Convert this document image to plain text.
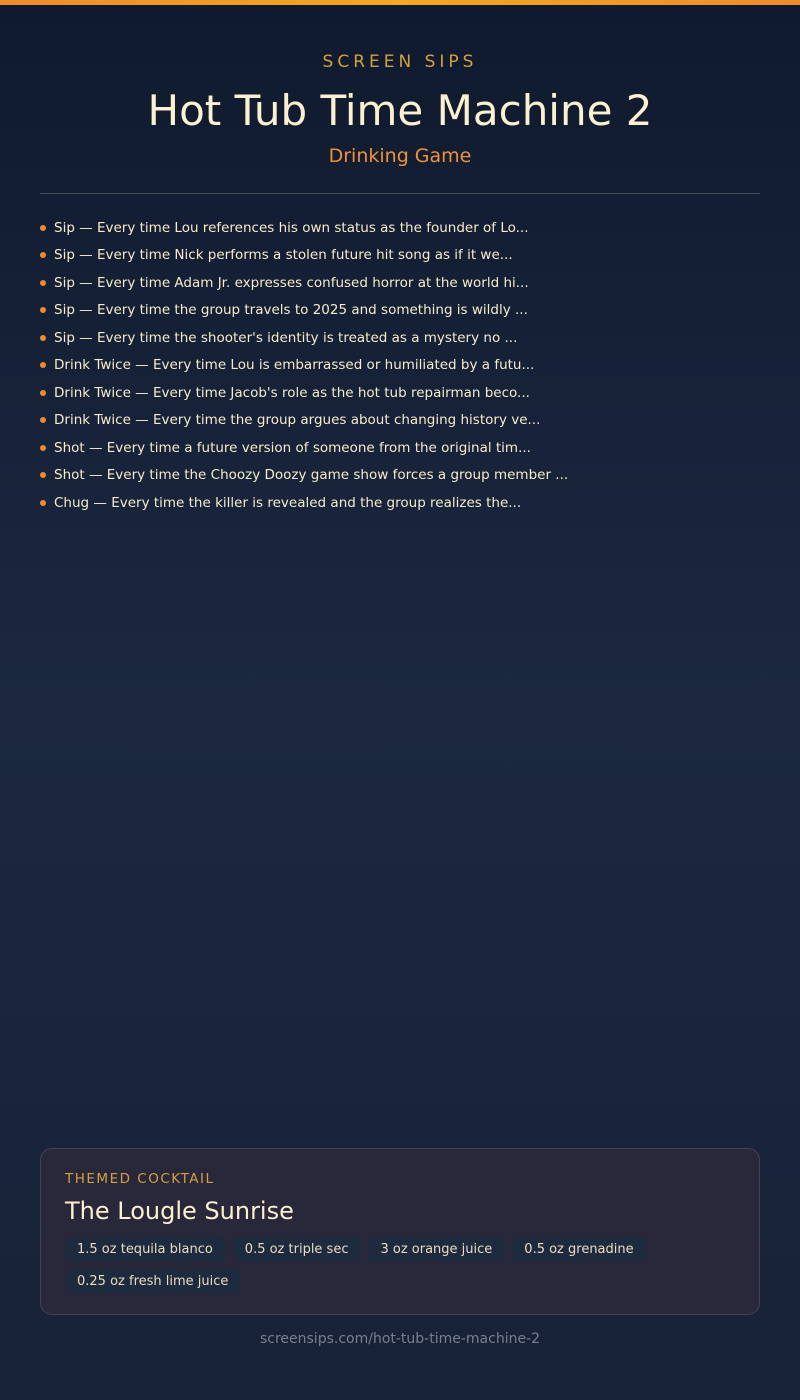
SCREEN SIPS
Hot Tub Time Machine 2
Drinking Game
Sip — Every time Lou references his own status as the founder of Lo...
Sip — Every time Nick performs a stolen future hit song as if it we...
Sip — Every time Adam Jr. expresses confused horror at the world hi...
Sip — Every time the group travels to 2025 and something is wildly ...
Sip — Every time the shooter's identity is treated as a mystery no ...
Drink Twice — Every time Lou is embarrassed or humiliated by a futu...
Drink Twice — Every time Jacob's role as the hot tub repairman beco...
Drink Twice — Every time the group argues about changing history ve...
Shot — Every time a future version of someone from the original tim...
Shot — Every time the Choozy Doozy game show forces a group member ...
Chug — Every time the killer is revealed and the group realizes the...
THEMED COCKTAIL
The Lougle Sunrise
1.5 oz tequila blanco	0.5 oz triple sec	3 oz orange juice	0.5 oz grenadine
0.25 oz fresh lime juice
screensips.com/hot-tub-time-machine-2
